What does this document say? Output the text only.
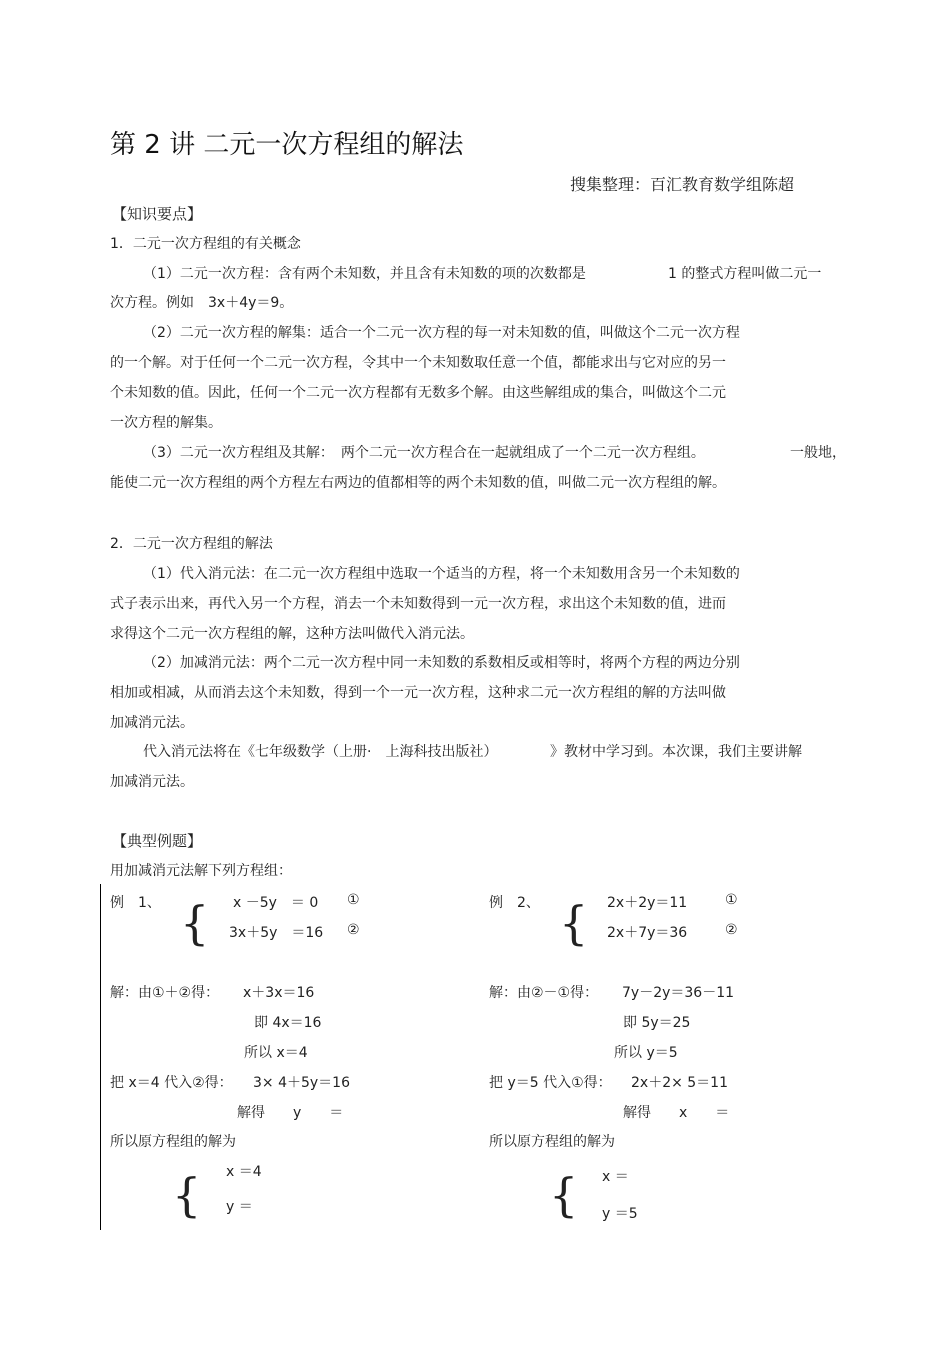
第 2 讲 二元一次方程组的解法
搜集整理：百汇教育数学组陈超
【知识要点】
1．二元一次方程组的有关概念
（1）二元一次方程：含有两个未知数，并且含有未知数的项的次数都是	1 的整式方程叫做二元一
次方程。例如　3x＋4y＝9。
（2）二元一次方程的解集：适合一个二元一次方程的每一对未知数的值，叫做这个二元一次方程
的一个解。对于任何一个二元一次方程，令其中一个未知数取任意一个值，都能求出与它对应的另一
个未知数的值。因此，任何一个二元一次方程都有无数多个解。由这些解组成的集合，叫做这个二元
一次方程的解集。
（3）二元一次方程组及其解：　两个二元一次方程合在一起就组成了一个二元一次方程组。	一般地，
能使二元一次方程组的两个方程左右两边的值都相等的两个未知数的值，叫做二元一次方程组的解。
2．二元一次方程组的解法
（1）代入消元法：在二元一次方程组中选取一个适当的方程，将一个未知数用含另一个未知数的
式子表示出来，再代入另一个方程，消去一个未知数得到一元一次方程，求出这个未知数的值，进而
求得这个二元一次方程组的解，这种方法叫做代入消元法。
（2）加减消元法：两个二元一次方程中同一未知数的系数相反或相等时，将两个方程的两边分别
相加或相减，从而消去这个未知数，得到一个一元一次方程，这种求二元一次方程组的解的方法叫做
加减消元法。
代入消元法将在《七年级数学（上册·　上海科技出版社）	》教材中学习到。本次课，我们主要讲解
加减消元法。
【典型例题】
用加减消元法解下列方程组：
例　1、 { x －5y　＝ 0 ①
3x＋5y　＝16 ②
解：由①＋②得： x＋3x＝16
即 4x＝16
所以 x＝4
把 x＝4 代入②得： 3× 4＋5y＝16
解得　　y　　＝
所以原方程组的解为
{ x ＝4
y ＝
例　2、 { 2x＋2y＝11	①
2x＋7y＝36	②
解：由②－①得： 7y－2y＝36－11
即 5y＝25
所以 y＝5
把 y＝5 代入①得： 2x＋2× 5＝11
解得　　x　　＝
所以原方程组的解为
{ x ＝
y ＝5
